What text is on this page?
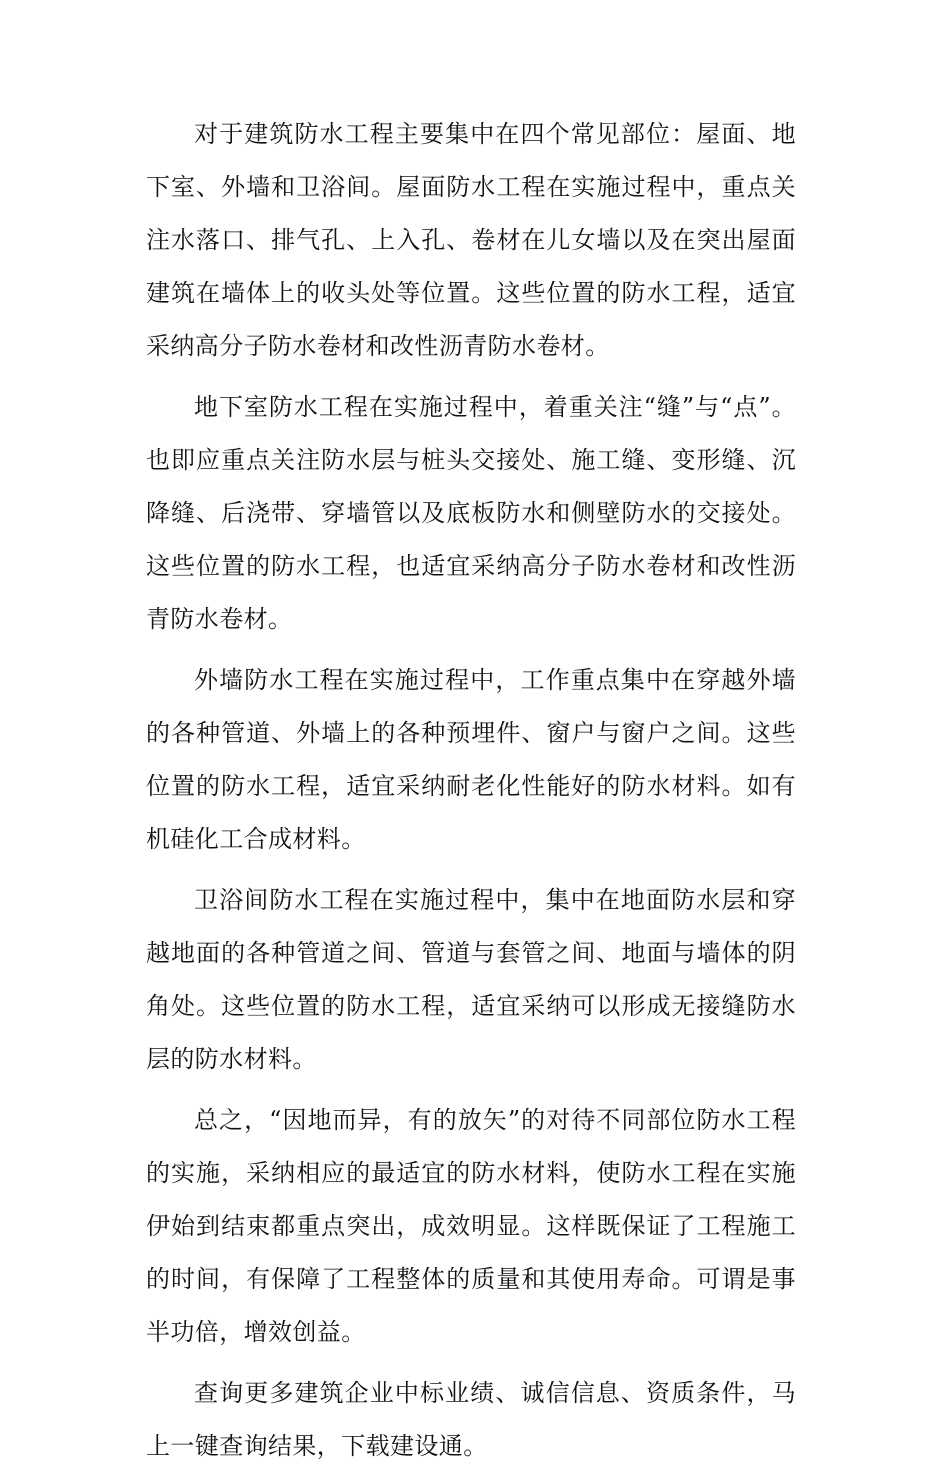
对于建筑防水工程主要集中在四个常见部位：屋面、地下室、外墙和卫浴间。屋面防水工程在实施过程中，重点关注水落口、排气孔、上入孔、卷材在儿女墙以及在突出屋面建筑在墙体上的收头处等位置。这些位置的防水工程，适宜采纳高分子防水卷材和改性沥青防水卷材。

地下室防水工程在实施过程中，着重关注“缝”与“点”。也即应重点关注防水层与桩头交接处、施工缝、变形缝、沉降缝、后浇带、穿墙管以及底板防水和侧壁防水的交接处。这些位置的防水工程，也适宜采纳高分子防水卷材和改性沥青防水卷材。

外墙防水工程在实施过程中，工作重点集中在穿越外墙的各种管道、外墙上的各种预埋件、窗户与窗户之间。这些位置的防水工程，适宜采纳耐老化性能好的防水材料。如有机硅化工合成材料。

卫浴间防水工程在实施过程中，集中在地面防水层和穿越地面的各种管道之间、管道与套管之间、地面与墙体的阴角处。这些位置的防水工程，适宜采纳可以形成无接缝防水层的防水材料。

总之，“因地而异，有的放矢”的对待不同部位防水工程的实施，采纳相应的最适宜的防水材料，使防水工程在实施伊始到结束都重点突出，成效明显。这样既保证了工程施工的时间，有保障了工程整体的质量和其使用寿命。可谓是事半功倍，增效创益。

查询更多建筑企业中标业绩、诚信信息、资质条件，马上一键查询结果，下载建设通。
